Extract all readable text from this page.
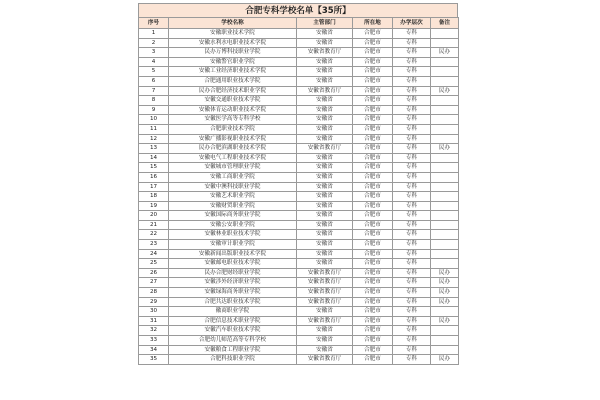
合肥专科学校名单【35所】
序号	学校名称	主管部门	所在地	办学层次	备注
1	安徽职业技术学院	安徽省	合肥市	专科	
2	安徽水利水电职业技术学院	安徽省	合肥市	专科	
3	民办万博科技职业学院	安徽省教育厅	合肥市	专科	民办
4	安徽警官职业学院	安徽省	合肥市	专科	
5	安徽工业经济职业技术学院	安徽省	合肥市	专科	
6	合肥通用职业技术学院	安徽省	合肥市	专科	
7	民办合肥经济技术职业学院	安徽省教育厅	合肥市	专科	民办
8	安徽交通职业技术学院	安徽省	合肥市	专科	
9	安徽体育运动职业技术学院	安徽省	合肥市	专科	
10	安徽医学高等专科学校	安徽省	合肥市	专科	
11	合肥职业技术学院	安徽省	合肥市	专科	
12	安徽广播影视职业技术学院	安徽省	合肥市	专科	
13	民办合肥滨湖职业技术学院	安徽省教育厅	合肥市	专科	民办
14	安徽电气工程职业技术学院	安徽省	合肥市	专科	
15	安徽城市管理职业学院	安徽省	合肥市	专科	
16	安徽工商职业学院	安徽省	合肥市	专科	
17	安徽中澳科技职业学院	安徽省	合肥市	专科	
18	安徽艺术职业学院	安徽省	合肥市	专科	
19	安徽财贸职业学院	安徽省	合肥市	专科	
20	安徽国际商务职业学院	安徽省	合肥市	专科	
21	安徽公安职业学院	安徽省	合肥市	专科	
22	安徽林业职业技术学院	安徽省	合肥市	专科	
23	安徽审计职业学院	安徽省	合肥市	专科	
24	安徽新闻出版职业技术学院	安徽省	合肥市	专科	
25	安徽邮电职业技术学院	安徽省	合肥市	专科	
26	民办合肥财经职业学院	安徽省教育厅	合肥市	专科	民办
27	安徽涉外经济职业学院	安徽省教育厅	合肥市	专科	民办
28	安徽绿海商务职业学院	安徽省教育厅	合肥市	专科	民办
29	合肥共达职业技术学院	安徽省教育厅	合肥市	专科	民办
30	徽商职业学院	安徽省	合肥市	专科	
31	合肥信息技术职业学院	安徽省教育厅	合肥市	专科	民办
32	安徽汽车职业技术学院	安徽省	合肥市	专科	
33	合肥幼儿师范高等专科学校	安徽省	合肥市	专科	
34	安徽粮食工程职业学院	安徽省	合肥市	专科	
35	合肥科技职业学院	安徽省教育厅	合肥市	专科	民办
